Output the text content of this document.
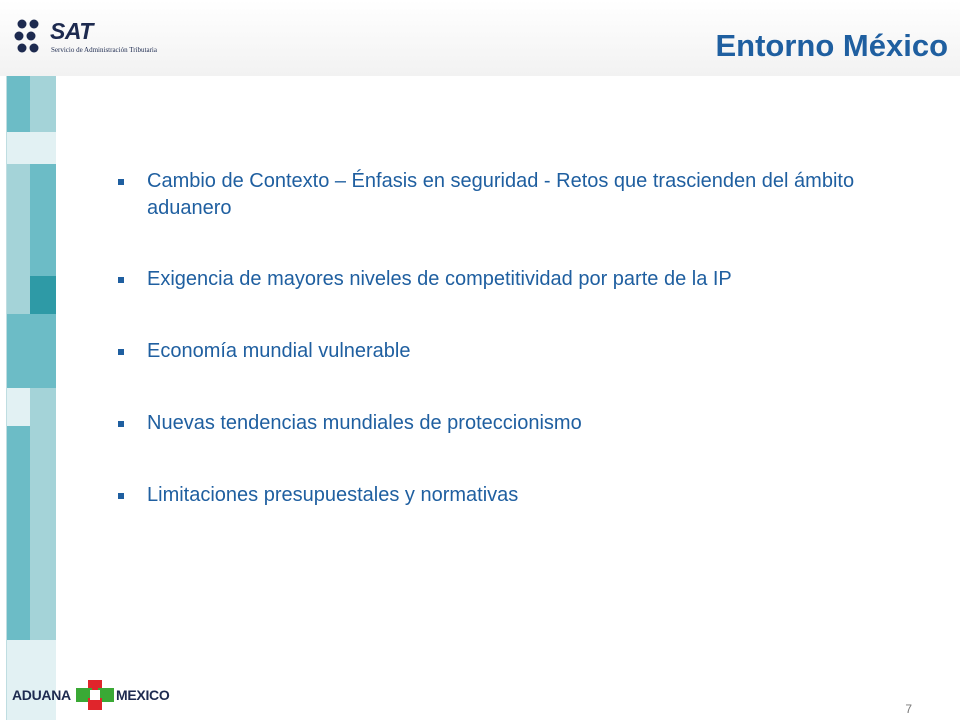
SAT
Servicio de Administración Tributaria	Entorno México
Cambio de Contexto – Énfasis en seguridad - Retos que trascienden del ámbito aduanero
Exigencia de mayores niveles de competitividad por parte de la IP
Economía mundial vulnerable
Nuevas tendencias mundiales de proteccionismo
Limitaciones presupuestales y normativas
ADUANA	MEXICO
7
